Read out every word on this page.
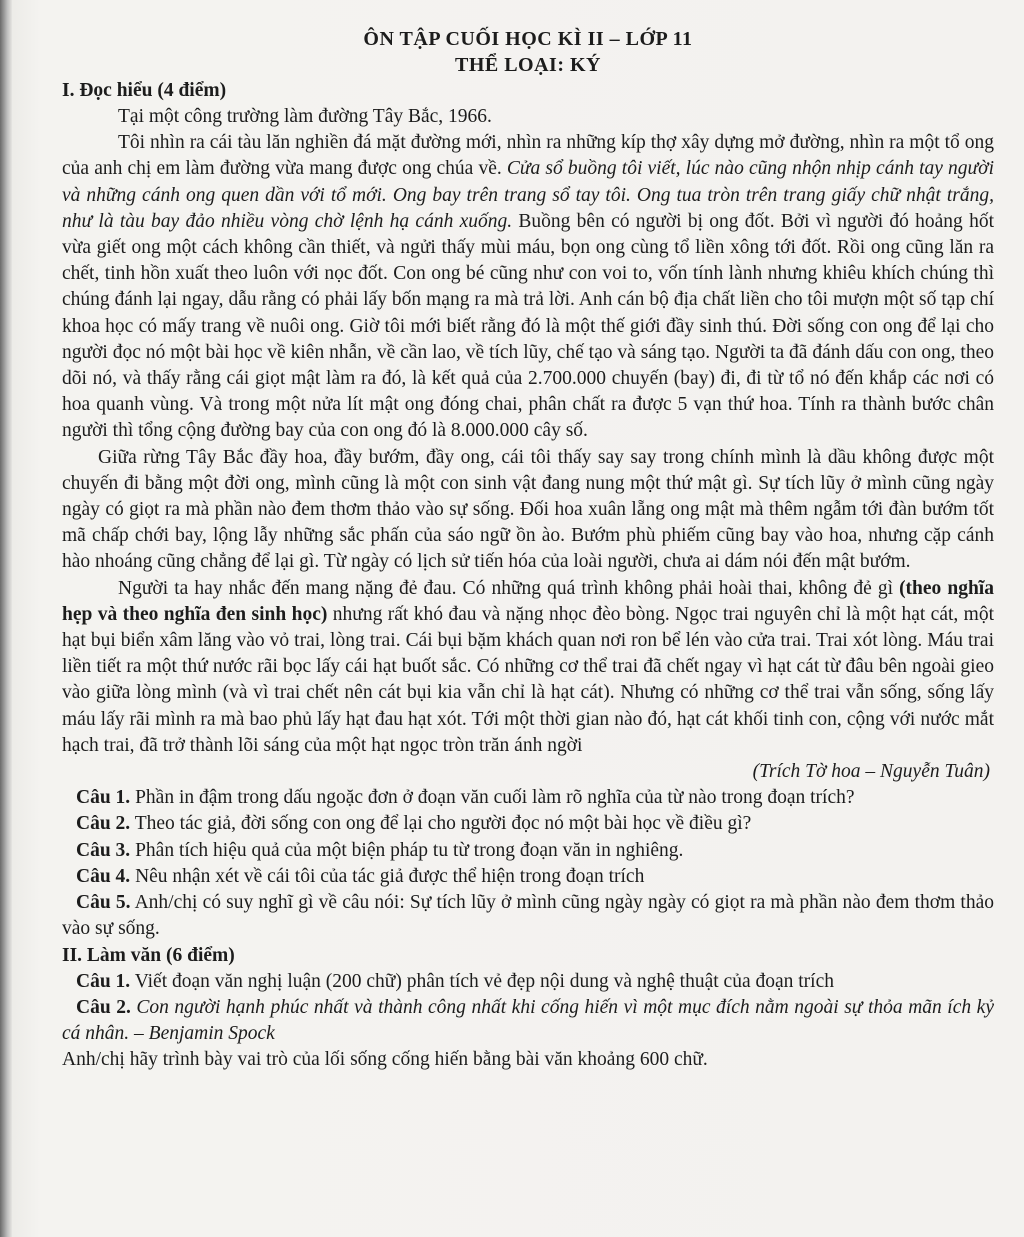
ÔN TẬP CUỐI HỌC KÌ II – LỚP 11
THỂ LOẠI: KÝ
I. Đọc hiểu (4 điểm)

Tại một công trường làm đường Tây Bắc, 1966.

Tôi nhìn ra cái tàu lăn nghiền đá mặt đường mới, nhìn ra những kíp thợ xây dựng mở đường, nhìn ra một tổ ong của anh chị em làm đường vừa mang được ong chúa về. Cửa sổ buồng tôi viết, lúc nào cũng nhộn nhịp cánh tay người và những cánh ong quen dần với tổ mới. Ong bay trên trang sổ tay tôi. Ong tua tròn trên trang giấy chữ nhật trắng, như là tàu bay đảo nhiều vòng chờ lệnh hạ cánh xuống. Buồng bên có người bị ong đốt. Bởi vì người đó hoảng hốt vừa giết ong một cách không cần thiết, và ngửi thấy mùi máu, bọn ong cùng tổ liền xông tới đốt. Rồi ong cũng lăn ra chết, tinh hồn xuất theo luôn với nọc đốt. Con ong bé cũng như con voi to, vốn tính lành nhưng khiêu khích chúng thì chúng đánh lại ngay, dẫu rằng có phải lấy bốn mạng ra mà trả lời. Anh cán bộ địa chất liền cho tôi mượn một số tạp chí khoa học có mấy trang về nuôi ong. Giờ tôi mới biết rằng đó là một thế giới đầy sinh thú. Đời sống con ong để lại cho người đọc nó một bài học về kiên nhẫn, về cần lao, về tích lũy, chế tạo và sáng tạo. Người ta đã đánh dấu con ong, theo dõi nó, và thấy rằng cái giọt mật làm ra đó, là kết quả của 2.700.000 chuyến (bay) đi, đi từ tổ nó đến khắp các nơi có hoa quanh vùng. Và trong một nửa lít mật ong đóng chai, phân chất ra được 5 vạn thứ hoa. Tính ra thành bước chân người thì tổng cộng đường bay của con ong đó là 8.000.000 cây số.

Giữa rừng Tây Bắc đầy hoa, đầy bướm, đầy ong, cái tôi thấy say say trong chính mình là dầu không được một chuyến đi bằng một đời ong, mình cũng là một con sinh vật đang nung một thứ mật gì. Sự tích lũy ở mình cũng ngày ngày có giọt ra mà phần nào đem thơm thảo vào sự sống. Đối hoa xuân lẵng ong mật mà thêm ngẫm tới đàn bướm tốt mã chấp chới bay, lộng lẫy những sắc phấn của sáo ngữ ồn ào. Bướm phù phiếm cũng bay vào hoa, nhưng cặp cánh hào nhoáng cũng chẳng để lại gì. Từ ngày có lịch sử tiến hóa của loài người, chưa ai dám nói đến mật bướm.

Người ta hay nhắc đến mang nặng đẻ đau. Có những quá trình không phải hoài thai, không đẻ gì (theo nghĩa hẹp và theo nghĩa đen sinh học) nhưng rất khó đau và nặng nhọc đèo bòng. Ngọc trai nguyên chỉ là một hạt cát, một hạt bụi biển xâm lăng vào vỏ trai, lòng trai. Cái bụi bặm khách quan nơi ron bể lén vào cửa trai. Trai xót lòng. Máu trai liền tiết ra một thứ nước rãi bọc lấy cái hạt buốt sắc. Có những cơ thể trai đã chết ngay vì hạt cát từ đâu bên ngoài gieo vào giữa lòng mình (và vì trai chết nên cát bụi kia vẫn chỉ là hạt cát). Nhưng có những cơ thể trai vẫn sống, sống lấy máu lấy rãi mình ra mà bao phủ lấy hạt đau hạt xót. Tới một thời gian nào đó, hạt cát khối tinh con, cộng với nước mắt hạch trai, đã trở thành lõi sáng của một hạt ngọc tròn trăn ánh ngời

(Trích Tờ hoa – Nguyễn Tuân)

Câu 1. Phần in đậm trong dấu ngoặc đơn ở đoạn văn cuối làm rõ nghĩa của từ nào trong đoạn trích?

Câu 2. Theo tác giả, đời sống con ong để lại cho người đọc nó một bài học về điều gì?

Câu 3. Phân tích hiệu quả của một biện pháp tu từ trong đoạn văn in nghiêng.

Câu 4. Nêu nhận xét về cái tôi của tác giả được thể hiện trong đoạn trích

Câu 5. Anh/chị có suy nghĩ gì về câu nói: Sự tích lũy ở mình cũng ngày ngày có giọt ra mà phần nào đem thơm thảo vào sự sống.

II. Làm văn (6 điểm)

Câu 1. Viết đoạn văn nghị luận (200 chữ) phân tích vẻ đẹp nội dung và nghệ thuật của đoạn trích

Câu 2. Con người hạnh phúc nhất và thành công nhất khi cống hiến vì một mục đích nằm ngoài sự thỏa mãn ích kỷ cá nhân. – Benjamin Spock

Anh/chị hãy trình bày vai trò của lối sống cống hiến bằng bài văn khoảng 600 chữ.
